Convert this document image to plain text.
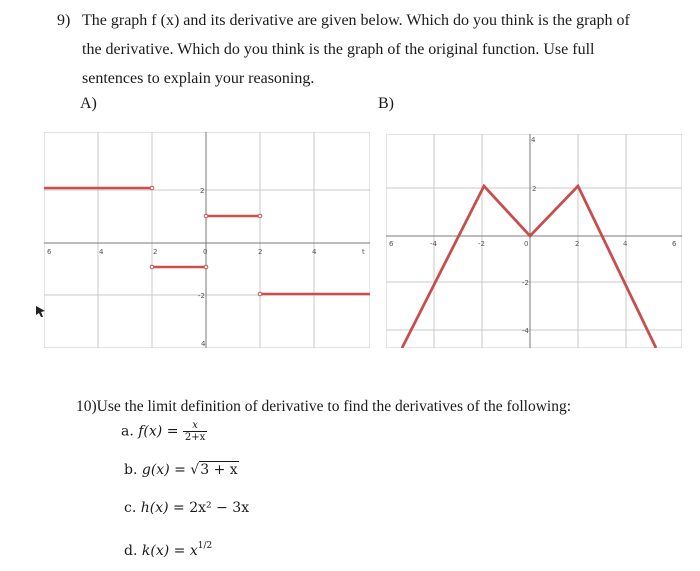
9) The graph f (x) and its derivative are given below. Which do you think is the graph of
the derivative. Which do you think is the graph of the original function. Use full
sentences to explain your reasoning.
A)	B)
6	4	2	0	2	4	t
2
-2
4
6	-4	-2	0	2	4	6
4
2
-2
-4
10)Use the limit definition of derivative to find the derivatives of the following:
a. $f(x) = \frac{x}{2+x}$
b. g(x) = √3 + x
c. h(x) = 2x² − 3x
d. $k(x) = x^{1/2}$
